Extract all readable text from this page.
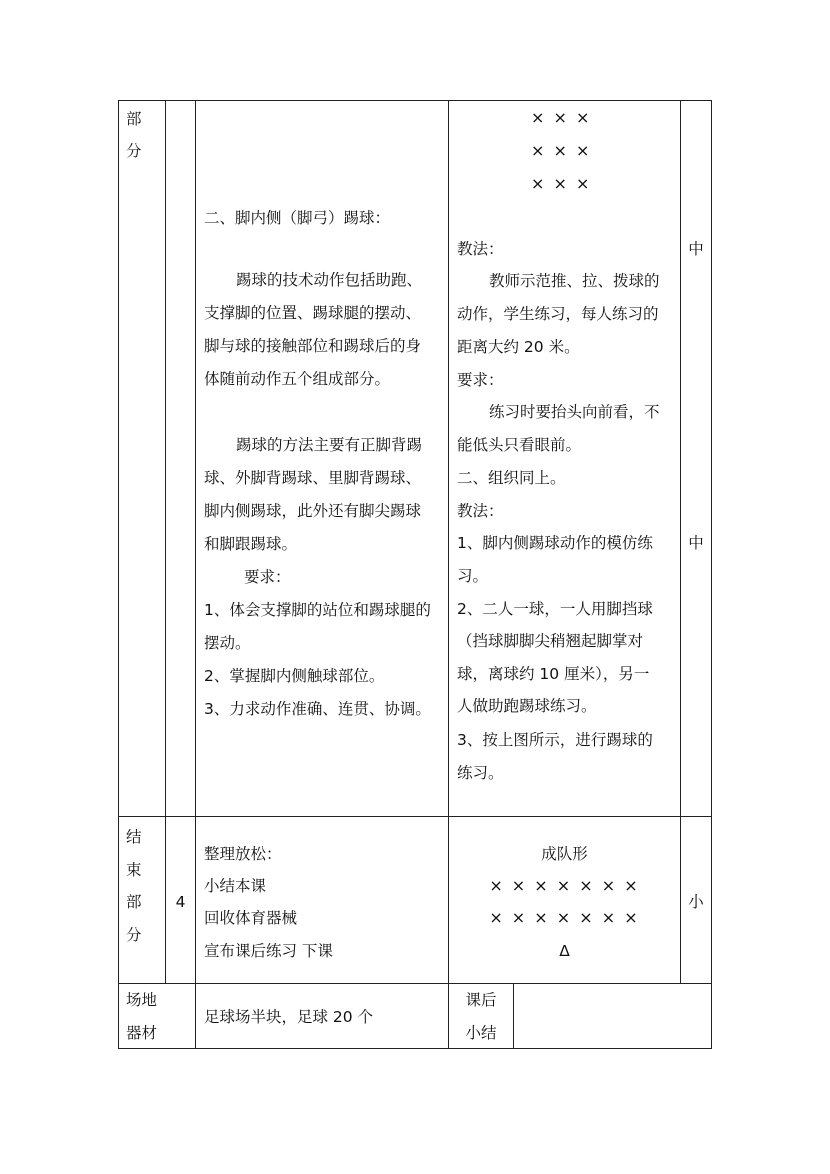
部
分
二、脚内侧（脚弓）踢球：
踢球的技术动作包括助跑、
支撑脚的位置、踢球腿的摆动、
脚与球的接触部位和踢球后的身
体随前动作五个组成部分。
踢球的方法主要有正脚背踢
球、外脚背踢球、里脚背踢球、
脚内侧踢球，此外还有脚尖踢球
和脚跟踢球。
要求：
1、体会支撑脚的站位和踢球腿的
摆动。
2、掌握脚内侧触球部位。
3、力求动作准确、连贯、协调。
× × ×
× × ×
× × ×
教法：
教师示范推、拉、拨球的
动作，学生练习，每人练习的
距离大约 20 米。
要求：
练习时要抬头向前看，不
能低头只看眼前。
二、组织同上。
教法：
1、脚内侧踢球动作的模仿练
习。
2、二人一球，一人用脚挡球
（挡球脚脚尖稍翘起脚掌对
球，离球约 10 厘米），另一
人做助跑踢球练习。
3、按上图所示，进行踢球的
练习。
中
中
结
束
部
分
4
整理放松：
小结本课
回收体育器械
宣布课后练习 下课
成队形
× × × × × × ×
× × × × × × ×
Δ
小
场地
器材
足球场半块，足球 20 个
课后
小结
